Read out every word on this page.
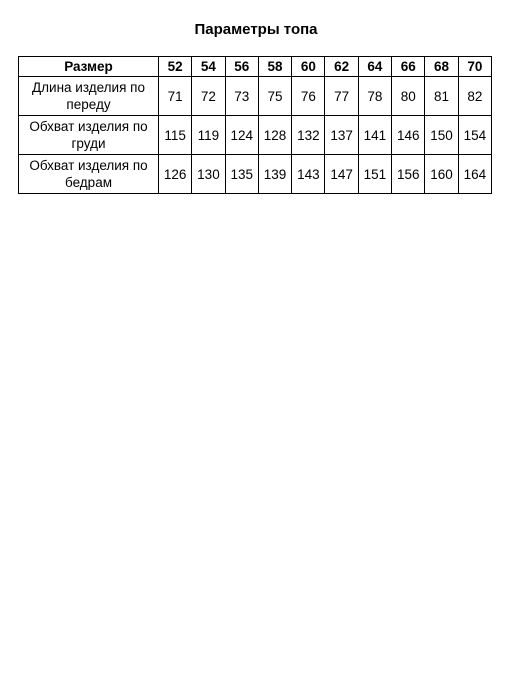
Параметры топа
Размер	52	54	56	58	60	62	64	66	68	70
Длина изделия по переду	71	72	73	75	76	77	78	80	81	82
Обхват изделия по груди	115	119	124	128	132	137	141	146	150	154
Обхват изделия по бедрам	126	130	135	139	143	147	151	156	160	164
